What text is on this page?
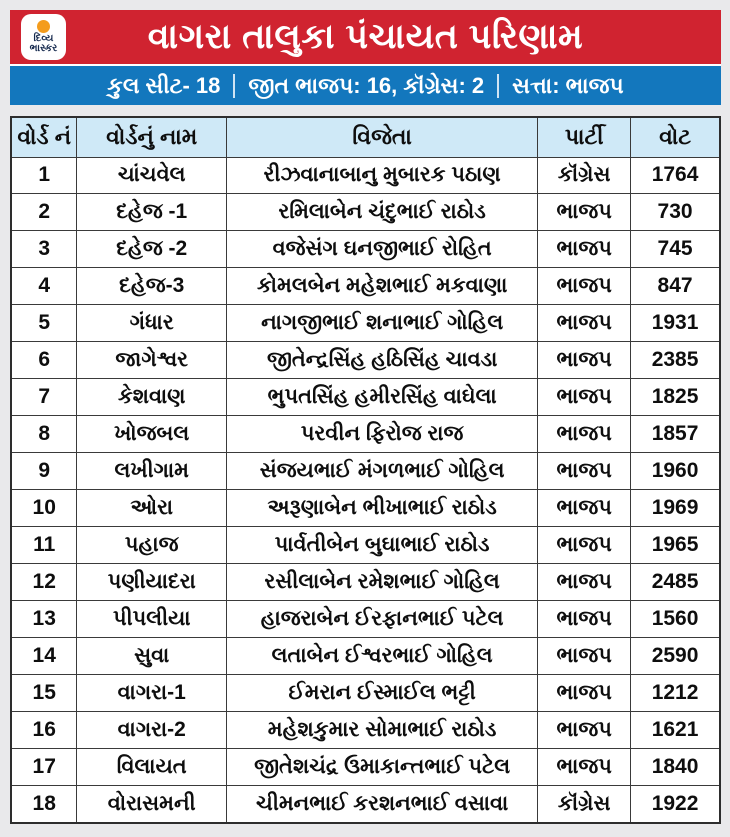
દિવ્ય
ભાસ્કર	વાગરા તાલુકા પંચાયત પરિણામ
કુલ સીટ- 18 જીત ભાજપ: 16, કૉંગ્રેસ: 2 સત્તા: ભાજપ
વોર્ડ નં	વોર્ડનું નામ	વિજેતા	પાર્ટી	વોટ
1	ચાંચવેલ	રીઝવાનાબાનુ મુબારક પઠાણ	કૉંગ્રેસ	1764
2	દહેજ -1	રમિલાબેન ચંદુભાઈ રાઠોડ	ભાજપ	730
3	દહેજ -2	વજેસંગ ઘનજીભાઈ રોહિત	ભાજપ	745
4	દહેજ-3	કોમલબેન મહેશભાઈ મકવાણા	ભાજપ	847
5	ગંધાર	નાગજીભાઈ શનાભાઈ ગોહિલ	ભાજપ	1931
6	જાગેશ્વર	જીતેન્દ્રસિંહ હઠિસિંહ ચાવડા	ભાજપ	2385
7	કેશવાણ	ભુપતસિંહ હમીરસિંહ વાઘેલા	ભાજપ	1825
8	ખોજબલ	પરવીન ફિરોજ રાજ	ભાજપ	1857
9	લખીગામ	સંજયભાઈ મંગળભાઈ ગોહિલ	ભાજપ	1960
10	ઓરા	અરૂણાબેન ભીખાભાઈ રાઠોડ	ભાજપ	1969
11	પહાજ	પાર્વતીબેન બુઘાભાઈ રાઠોડ	ભાજપ	1965
12	પણીયાદરા	રસીલાબેન રમેશભાઈ ગોહિલ	ભાજપ	2485
13	પીપલીયા	હાજરાબેન ઈરફાનભાઈ પટેલ	ભાજપ	1560
14	સુવા	લતાબેન ઈશ્વરભાઈ ગોહિલ	ભાજપ	2590
15	વાગરા-1	ઈમરાન ઈસ્માઈલ ભટ્ટી	ભાજપ	1212
16	વાગરા-2	મહેશકુમાર સોમાભાઈ રાઠોડ	ભાજપ	1621
17	વિલાયત	જીતેશચંદ્ર ઉમાકાન્તભાઈ પટેલ	ભાજપ	1840
18	વોરાસમની	ચીમનભાઈ કરશનભાઈ વસાવા	કૉંગ્રેસ	1922
